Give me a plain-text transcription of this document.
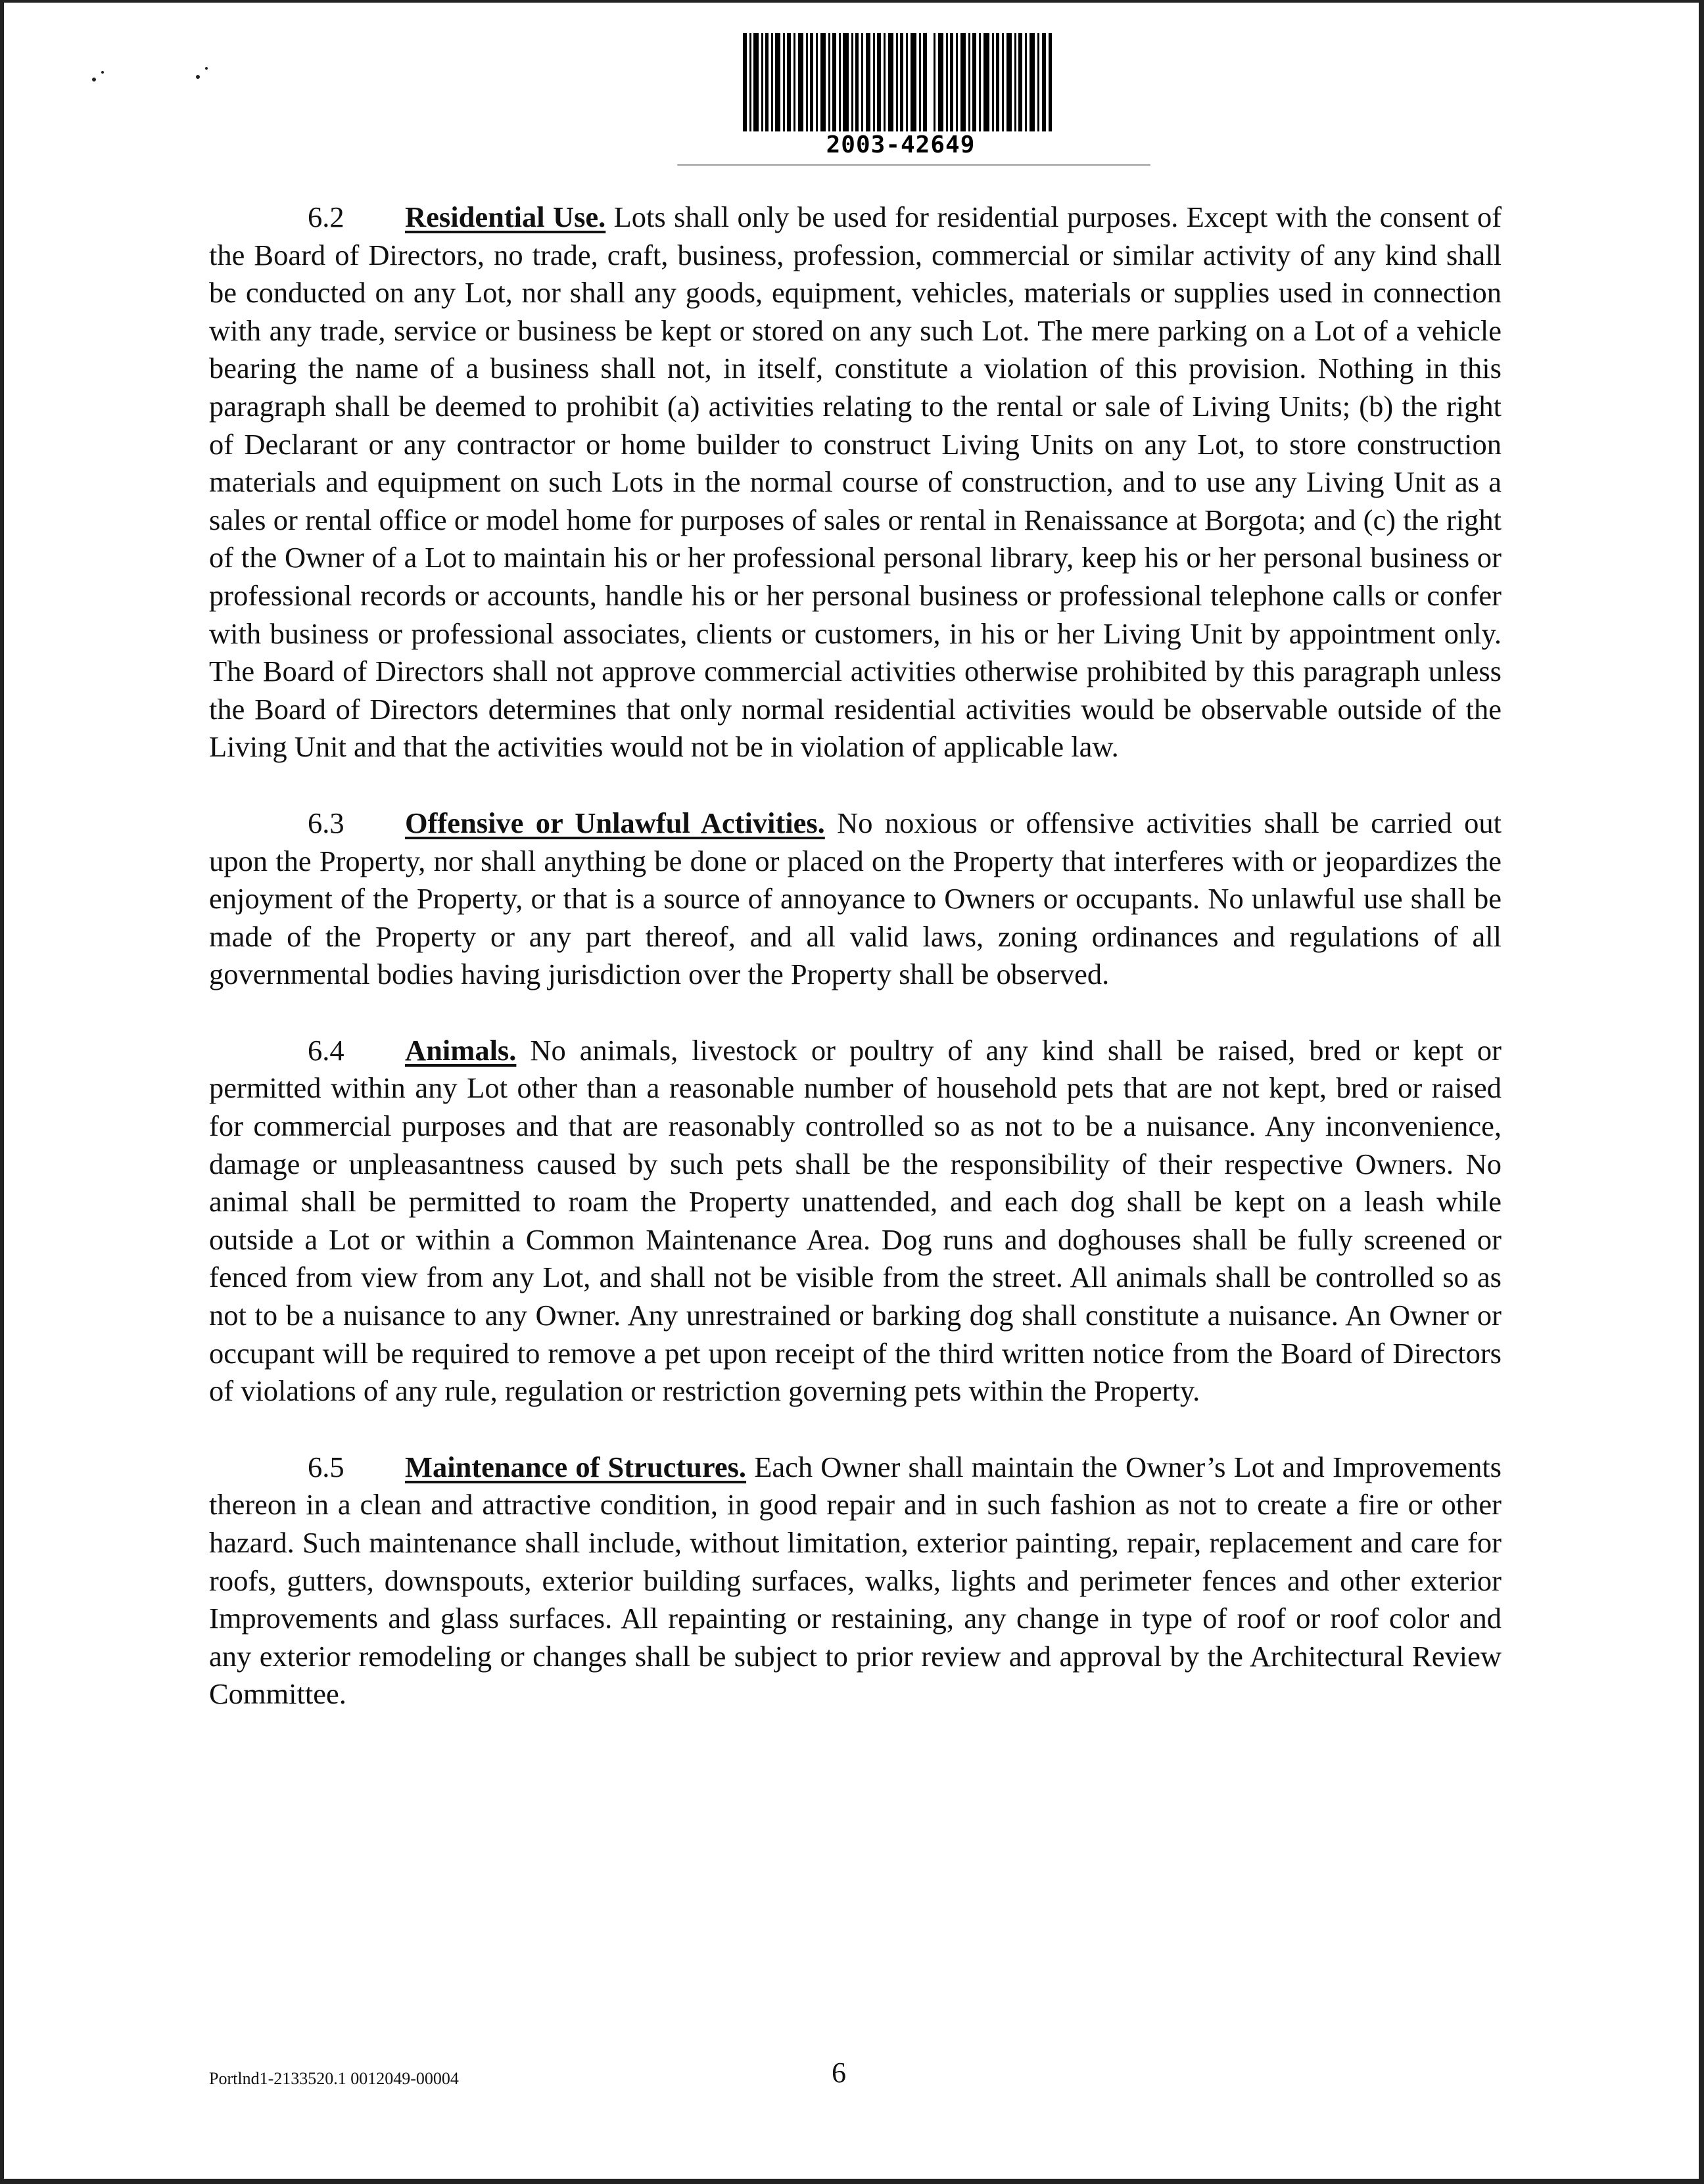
2003-42649

6.2 Residential Use. Lots shall only be used for residential purposes. Except with the consent of the Board of Directors, no trade, craft, business, profession, commercial or similar activity of any kind shall be conducted on any Lot, nor shall any goods, equipment, vehicles, materials or supplies used in connection with any trade, service or business be kept or stored on any such Lot. The mere parking on a Lot of a vehicle bearing the name of a business shall not, in itself, constitute a violation of this provision. Nothing in this paragraph shall be deemed to prohibit (a) activities relating to the rental or sale of Living Units; (b) the right of Declarant or any contractor or home builder to construct Living Units on any Lot, to store construction materials and equipment on such Lots in the normal course of construction, and to use any Living Unit as a sales or rental office or model home for purposes of sales or rental in Renaissance at Borgota; and (c) the right of the Owner of a Lot to maintain his or her professional personal library, keep his or her personal business or professional records or accounts, handle his or her personal business or professional telephone calls or confer with business or professional associates, clients or customers, in his or her Living Unit by appointment only. The Board of Directors shall not approve commercial activities otherwise prohibited by this paragraph unless the Board of Directors determines that only normal residential activities would be observable outside of the Living Unit and that the activities would not be in violation of applicable law.

6.3 Offensive or Unlawful Activities. No noxious or offensive activities shall be carried out upon the Property, nor shall anything be done or placed on the Property that interferes with or jeopardizes the enjoyment of the Property, or that is a source of annoyance to Owners or occupants. No unlawful use shall be made of the Property or any part thereof, and all valid laws, zoning ordinances and regulations of all governmental bodies having jurisdiction over the Property shall be observed.

6.4 Animals. No animals, livestock or poultry of any kind shall be raised, bred or kept or permitted within any Lot other than a reasonable number of household pets that are not kept, bred or raised for commercial purposes and that are reasonably controlled so as not to be a nuisance. Any inconvenience, damage or unpleasantness caused by such pets shall be the responsibility of their respective Owners. No animal shall be permitted to roam the Property unattended, and each dog shall be kept on a leash while outside a Lot or within a Common Maintenance Area. Dog runs and doghouses shall be fully screened or fenced from view from any Lot, and shall not be visible from the street. All animals shall be controlled so as not to be a nuisance to any Owner. Any unrestrained or barking dog shall constitute a nuisance. An Owner or occupant will be required to remove a pet upon receipt of the third written notice from the Board of Directors of violations of any rule, regulation or restriction governing pets within the Property.

6.5 Maintenance of Structures. Each Owner shall maintain the Owner’s Lot and Improvements thereon in a clean and attractive condition, in good repair and in such fashion as not to create a fire or other hazard. Such maintenance shall include, without limitation, exterior painting, repair, replacement and care for roofs, gutters, downspouts, exterior building surfaces, walks, lights and perimeter fences and other exterior Improvements and glass surfaces. All repainting or restaining, any change in type of roof or roof color and any exterior remodeling or changes shall be subject to prior review and approval by the Architectural Review Committee.

Portlnd1-2133520.1 0012049-00004	6
